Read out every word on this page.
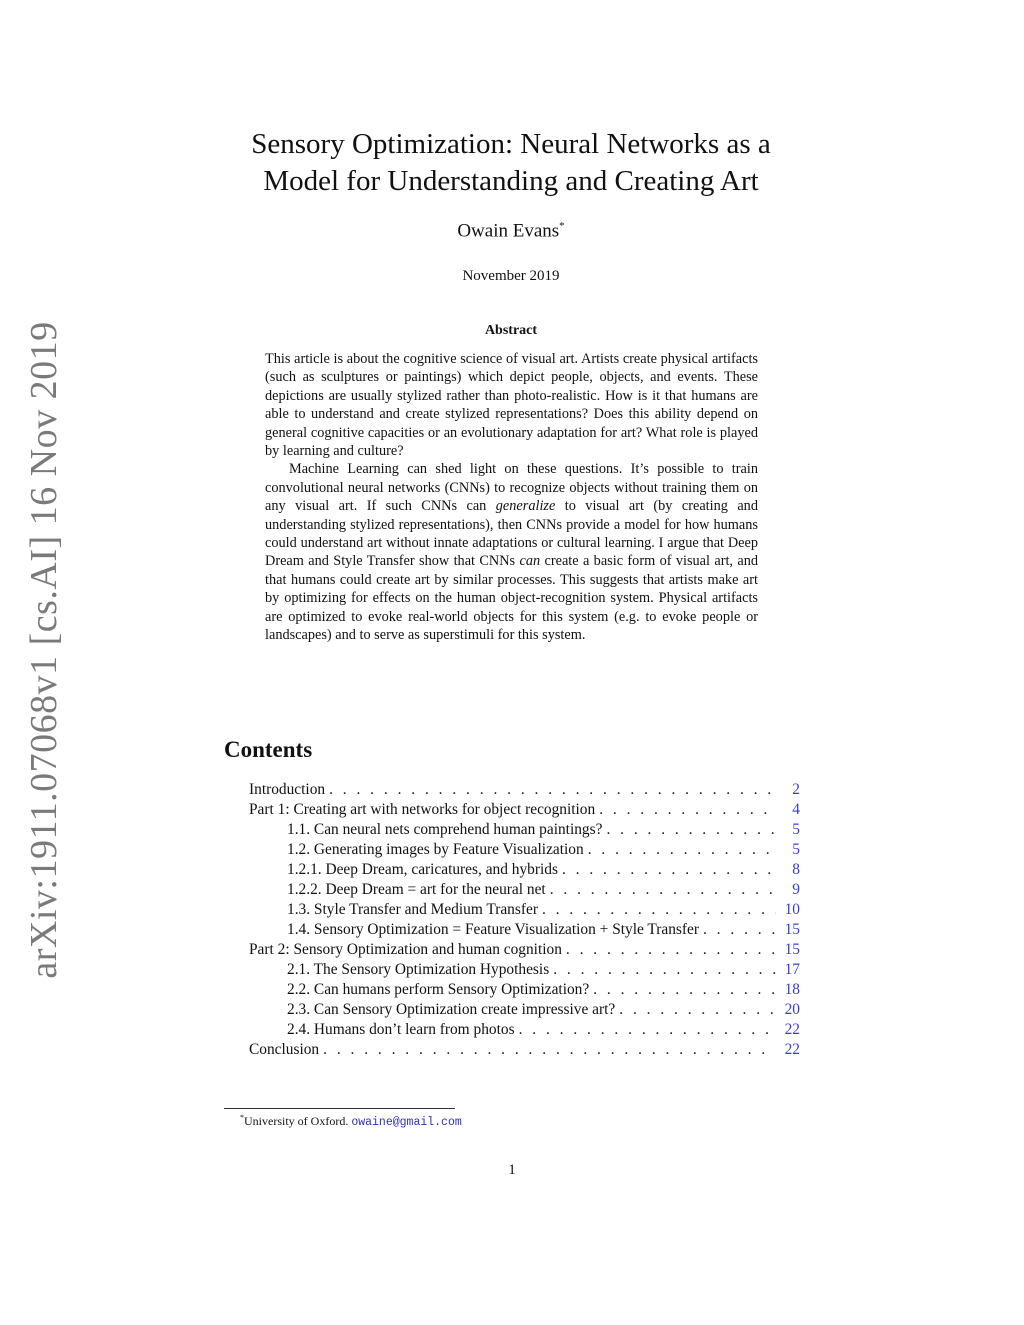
arXiv:1911.07068v1 [cs.AI] 16 Nov 2019
Sensory Optimization: Neural Networks as a
Model for Understanding and Creating Art
Owain Evans*
November 2019
Abstract

This article is about the cognitive science of visual art. Artists create physical artifacts (such as sculptures or paintings) which depict people, objects, and events. These depictions are usually stylized rather than photo-realistic. How is it that humans are able to understand and create stylized representations? Does this ability depend on general cognitive capacities or an evolutionary adaptation for art? What role is played by learning and culture?

Machine Learning can shed light on these questions. It’s possible to train convolutional neural networks (CNNs) to recognize objects without training them on any visual art. If such CNNs can generalize to visual art (by creating and understanding stylized representations), then CNNs provide a model for how humans could understand art without innate adaptations or cultural learning. I argue that Deep Dream and Style Transfer show that CNNs can create a basic form of visual art, and that humans could create art by similar processes. This suggests that artists make art by optimizing for effects on the human object-recognition system. Physical artifacts are optimized to evoke real-world objects for this system (e.g. to evoke people or landscapes) and to serve as superstimuli for this system.

Contents
Introduction . . .	2
Part 1: Creating art with networks for object recognition . . .	4
1.1. Can neural nets comprehend human paintings? . . .	5
1.2. Generating images by Feature Visualization . . .	5
1.2.1. Deep Dream, caricatures, and hybrids . . .	8
1.2.2. Deep Dream = art for the neural net . . .	9
1.3. Style Transfer and Medium Transfer . . .	10
1.4. Sensory Optimization = Feature Visualization + Style Transfer . . .	15
Part 2: Sensory Optimization and human cognition . . .	15
2.1. The Sensory Optimization Hypothesis . . .	17
2.2. Can humans perform Sensory Optimization? . . .	18
2.3. Can Sensory Optimization create impressive art? . . .	20
2.4. Humans don’t learn from photos . . .	22
Conclusion . . .	22
*University of Oxford. owaine@gmail.com
1
